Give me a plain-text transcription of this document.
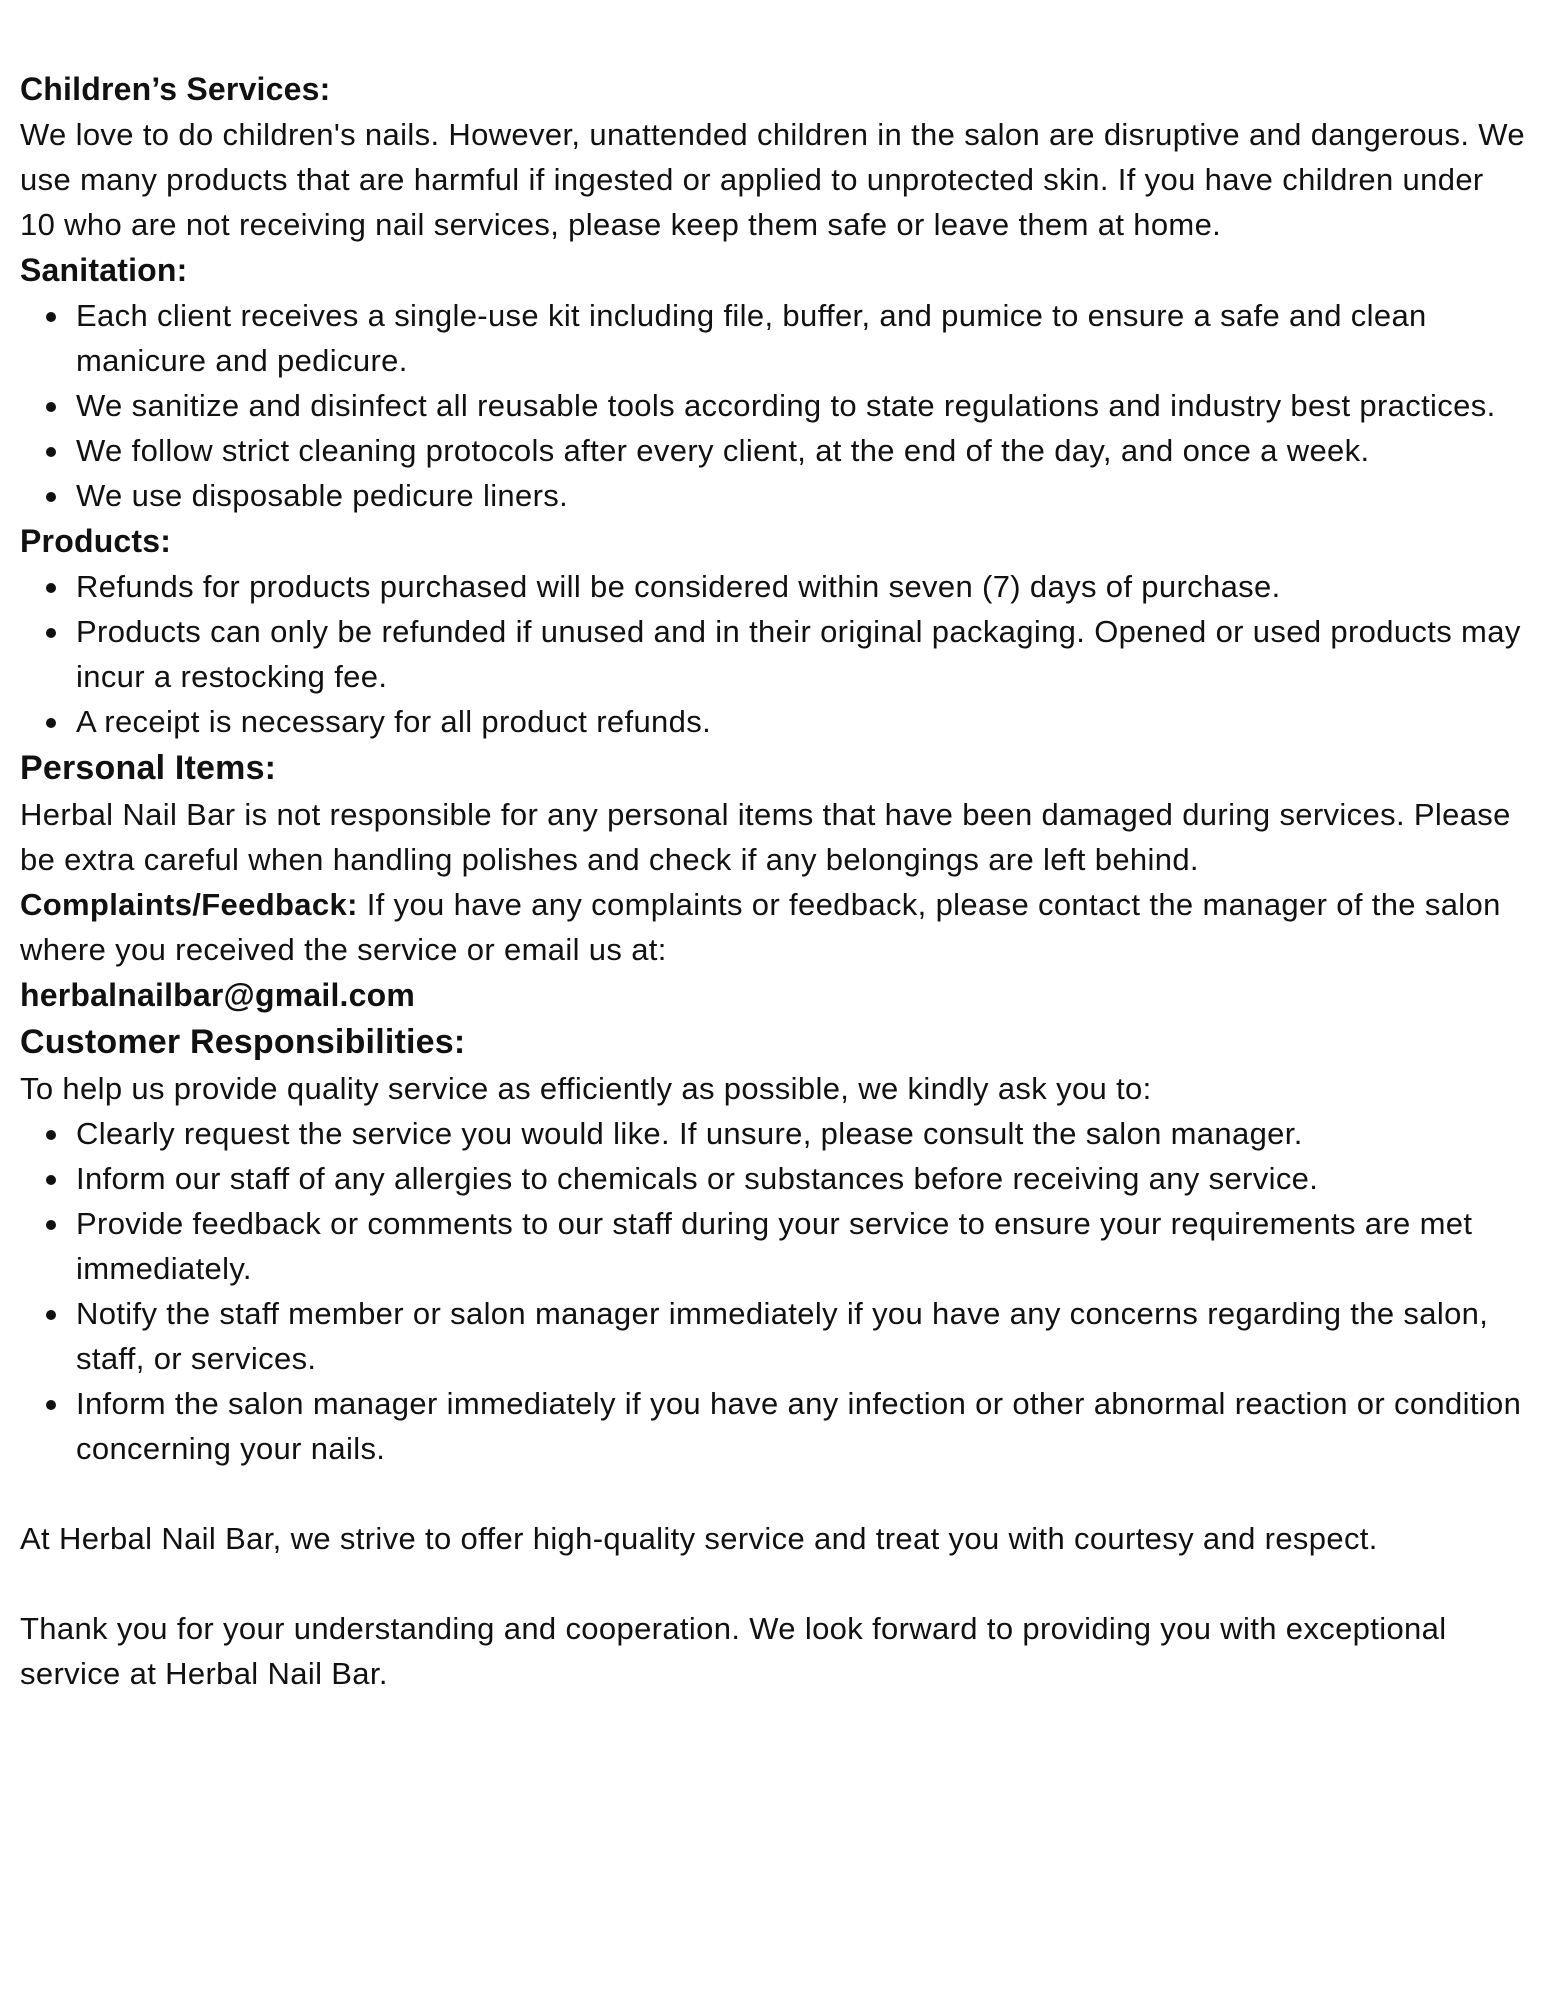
Children’s Services:

We love to do children's nails. However, unattended children in the salon are disruptive and dangerous. We use many products that are harmful if ingested or applied to unprotected skin. If you have children under 10 who are not receiving nail services, please keep them safe or leave them at home.

Sanitation:
Each client receives a single-use kit including file, buffer, and pumice to ensure a safe and clean manicure and pedicure.
We sanitize and disinfect all reusable tools according to state regulations and industry best practices.
We follow strict cleaning protocols after every client, at the end of the day, and once a week.
We use disposable pedicure liners.
Products:
Refunds for products purchased will be considered within seven (7) days of purchase.
Products can only be refunded if unused and in their original packaging. Opened or used products may incur a restocking fee.
A receipt is necessary for all product refunds.
Personal Items:

Herbal Nail Bar is not responsible for any personal items that have been damaged during services. Please be extra careful when handling polishes and check if any belongings are left behind.

Complaints/Feedback: If you have any complaints or feedback, please contact the manager of the salon where you received the service or email us at:

herbalnailbar@gmail.com
Customer Responsibilities:

To help us provide quality service as efficiently as possible, we kindly ask you to:

Clearly request the service you would like. If unsure, please consult the salon manager.
Inform our staff of any allergies to chemicals or substances before receiving any service.
Provide feedback or comments to our staff during your service to ensure your requirements are met immediately.
Notify the staff member or salon manager immediately if you have any concerns regarding the salon, staff, or services.
Inform the salon manager immediately if you have any infection or other abnormal reaction or condition concerning your nails.

At Herbal Nail Bar, we strive to offer high-quality service and treat you with courtesy and respect.

Thank you for your understanding and cooperation. We look forward to providing you with exceptional service at Herbal Nail Bar.
